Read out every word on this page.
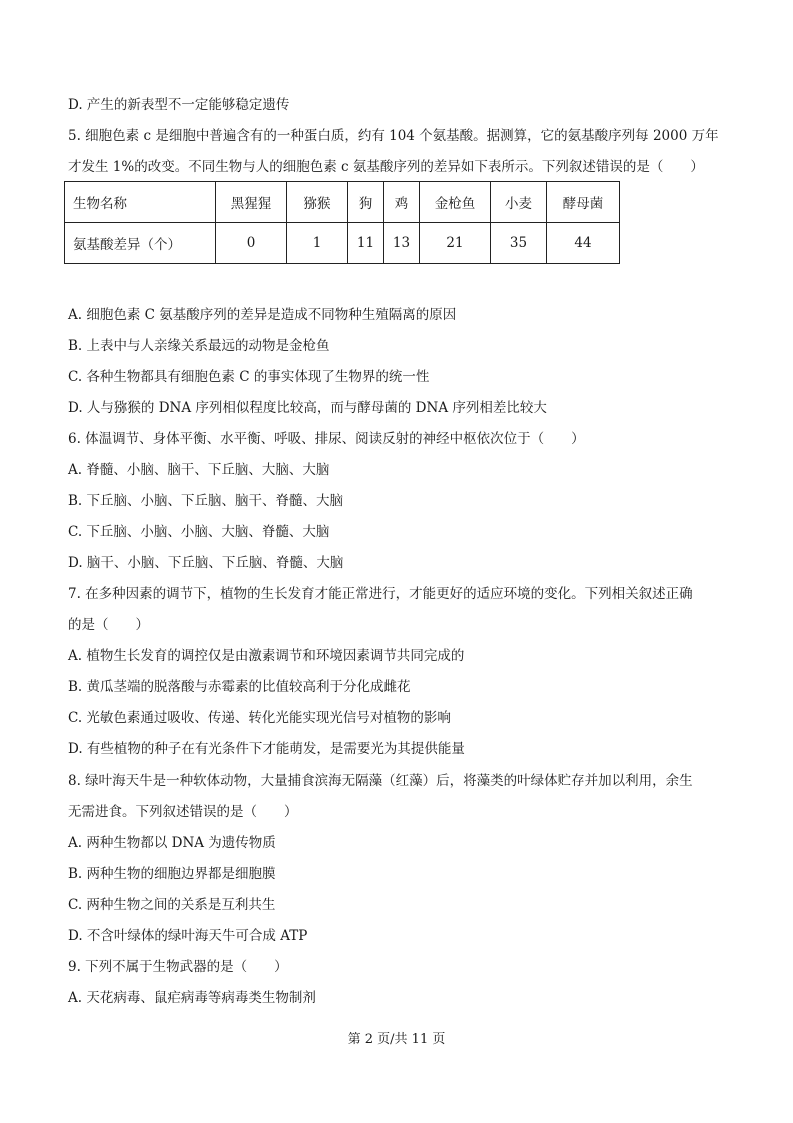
D. 产生的新表型不一定能够稳定遗传
5. 细胞色素 c 是细胞中普遍含有的一种蛋白质，约有 104 个氨基酸。据测算，它的氨基酸序列每 2000 万年
才发生 1%的改变。不同生物与人的细胞色素 c 氨基酸序列的差异如下表所示。下列叙述错误的是（　　）
生物名称	黑猩猩	猕猴	狗	鸡	金枪鱼	小麦	酵母菌
氨基酸差异（个）	0	1	11	13	21	35	44
A. 细胞色素 C 氨基酸序列的差异是造成不同物种生殖隔离的原因
B. 上表中与人亲缘关系最远的动物是金枪鱼
C. 各种生物都具有细胞色素 C 的事实体现了生物界的统一性
D. 人与猕猴的 DNA 序列相似程度比较高，而与酵母菌的 DNA 序列相差比较大
6. 体温调节、身体平衡、水平衡、呼吸、排尿、阅读反射的神经中枢依次位于（　　）
A. 脊髓、小脑、脑干、下丘脑、大脑、大脑
B. 下丘脑、小脑、下丘脑、脑干、脊髓、大脑
C. 下丘脑、小脑、小脑、大脑、脊髓、大脑
D. 脑干、小脑、下丘脑、下丘脑、脊髓、大脑
7. 在多种因素的调节下，植物的生长发育才能正常进行，才能更好的适应环境的变化。下列相关叙述正确
的是（　　）
A. 植物生长发育的调控仅是由激素调节和环境因素调节共同完成的
B. 黄瓜茎端的脱落酸与赤霉素的比值较高利于分化成雌花
C. 光敏色素通过吸收、传递、转化光能实现光信号对植物的影响
D. 有些植物的种子在有光条件下才能萌发，是需要光为其提供能量
8. 绿叶海天牛是一种软体动物，大量捕食滨海无隔藻（红藻）后，将藻类的叶绿体贮存并加以利用，余生
无需进食。下列叙述错误的是（　　）
A. 两种生物都以 DNA 为遗传物质
B. 两种生物的细胞边界都是细胞膜
C. 两种生物之间的关系是互利共生
D. 不含叶绿体的绿叶海天牛可合成 ATP
9. 下列不属于生物武器的是（　　）
A. 天花病毒、鼠疟病毒等病毒类生物制剂
第 2 页/共 11 页
